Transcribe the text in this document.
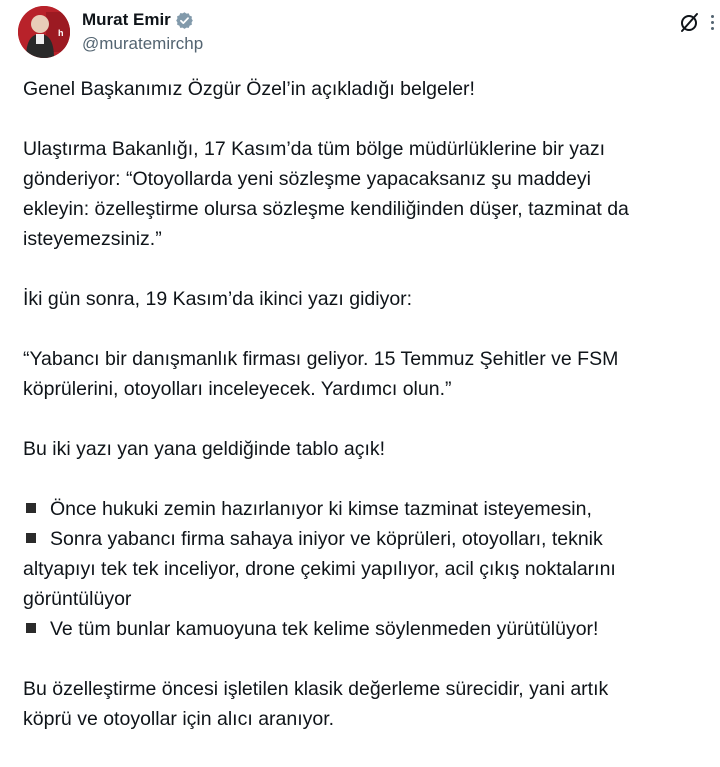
h
Murat Emir
@muratemirchp

Genel Başkanımız Özgür Özel’in açıkladığı belgeler!

Ulaştırma Bakanlığı, 17 Kasım’da tüm bölge müdürlüklerine bir yazı
gönderiyor: “Otoyollarda yeni sözleşme yapacaksanız şu maddeyi
ekleyin: özelleştirme olursa sözleşme kendiliğinden düşer, tazminat da
isteyemezsiniz.”

İki gün sonra, 19 Kasım’da ikinci yazı gidiyor:

“Yabancı bir danışmanlık firması geliyor. 15 Temmuz Şehitler ve FSM
köprülerini, otoyolları inceleyecek. Yardımcı olun.”

Bu iki yazı yan yana geldiğinde tablo açık!

Önce hukuki zemin hazırlanıyor ki kimse tazminat isteyemesin,

Sonra yabancı firma sahaya iniyor ve köprüleri, otoyolları, teknik
altyapıyı tek tek inceliyor, drone çekimi yapılıyor, acil çıkış noktalarını
görüntülüyor

Ve tüm bunlar kamuoyuna tek kelime söylenmeden yürütülüyor!

Bu özelleştirme öncesi işletilen klasik değerleme sürecidir, yani artık
köprü ve otoyollar için alıcı aranıyor.
